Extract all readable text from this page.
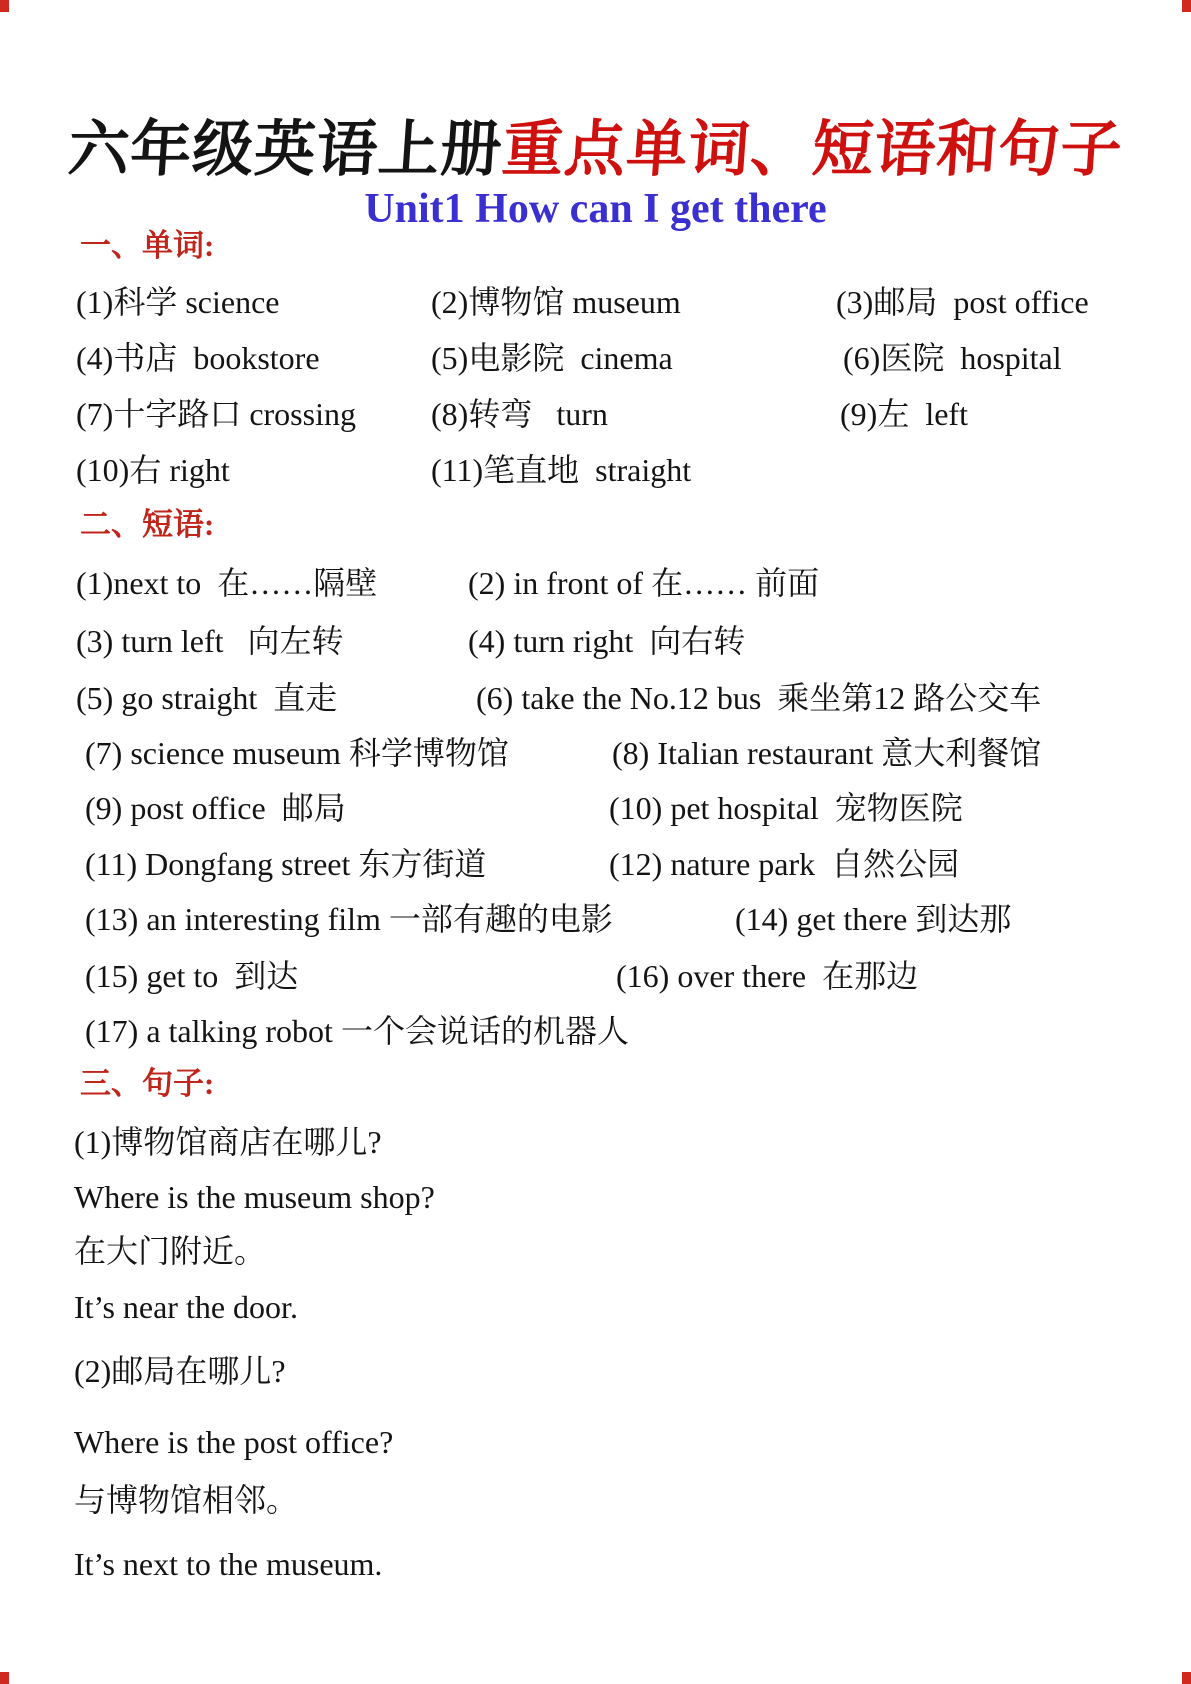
六年级英语上册重点单词、短语和句子
Unit1 How can I get there
一、单词:
(1)科学 science	(2)博物馆 museum	(3)邮局  post office
(4)书店  bookstore	(5)电影院  cinema	(6)医院  hospital
(7)十字路口 crossing (8)转弯   turn	(9)左  left
(10)右 right	(11)笔直地  straight
二、短语:
(1)next to  在……隔壁	(2) in front of 在…… 前面
(3) turn left   向左转	(4) turn right  向右转
(5) go straight  直走	(6) take the No.12 bus  乘坐第12 路公交车
(7) science museum 科学博物馆	(8) Italian restaurant 意大利餐馆
(9) post office  邮局	(10) pet hospital  宠物医院
(11) Dongfang street 东方街道	(12) nature park  自然公园
(13) an interesting film 一部有趣的电影	(14) get there 到达那
(15) get to  到达	(16) over there  在那边
(17) a talking robot 一个会说话的机器人
三、句子:
(1)博物馆商店在哪儿?
Where is the museum shop?
在大门附近。
It’s near the door.
(2)邮局在哪儿?
Where is the post office?
与博物馆相邻。
It’s next to the museum.
